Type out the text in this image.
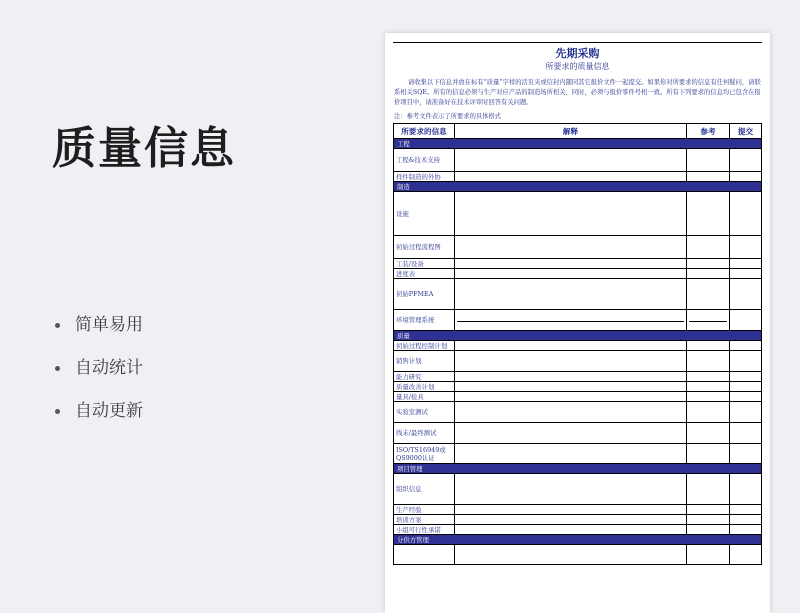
质量信息
简单易用
自动统计
自动更新
先期采购
所要求的质量信息
请收集以下信息并放在标有“质量”字样的活页夹或信封内随同其它报价文件一起提交。如果你对所要求的信息有任何疑问，请联系相关SQE。所有的信息必须与生产对应产品的制造场所相关，同时，必须与报价零件号相一致。所有下列要求的信息均已包含在报价项目中，请准备好在技术评审时回答有关问题。
注：参考文件表示了所要求的具体格式
所要求的信息	解释	参考	提交
工程			
工程&技术支持			
样件制造的外协			
制造			
设施			
初始过程流程图			
工装/设备			
进度表			
初始PFMEA			
环境管理系统	

质量			
初始过程控制计划			
销售计划			
能力研究			
质量改善计划			
量具/检具			
实验室测试			
线末/最终测试			
ISO/TS16949或QS9000认证			
项目管理			
组织信息			
生产经验			
培训方案			
小组可行性承诺			
分供方管理			
